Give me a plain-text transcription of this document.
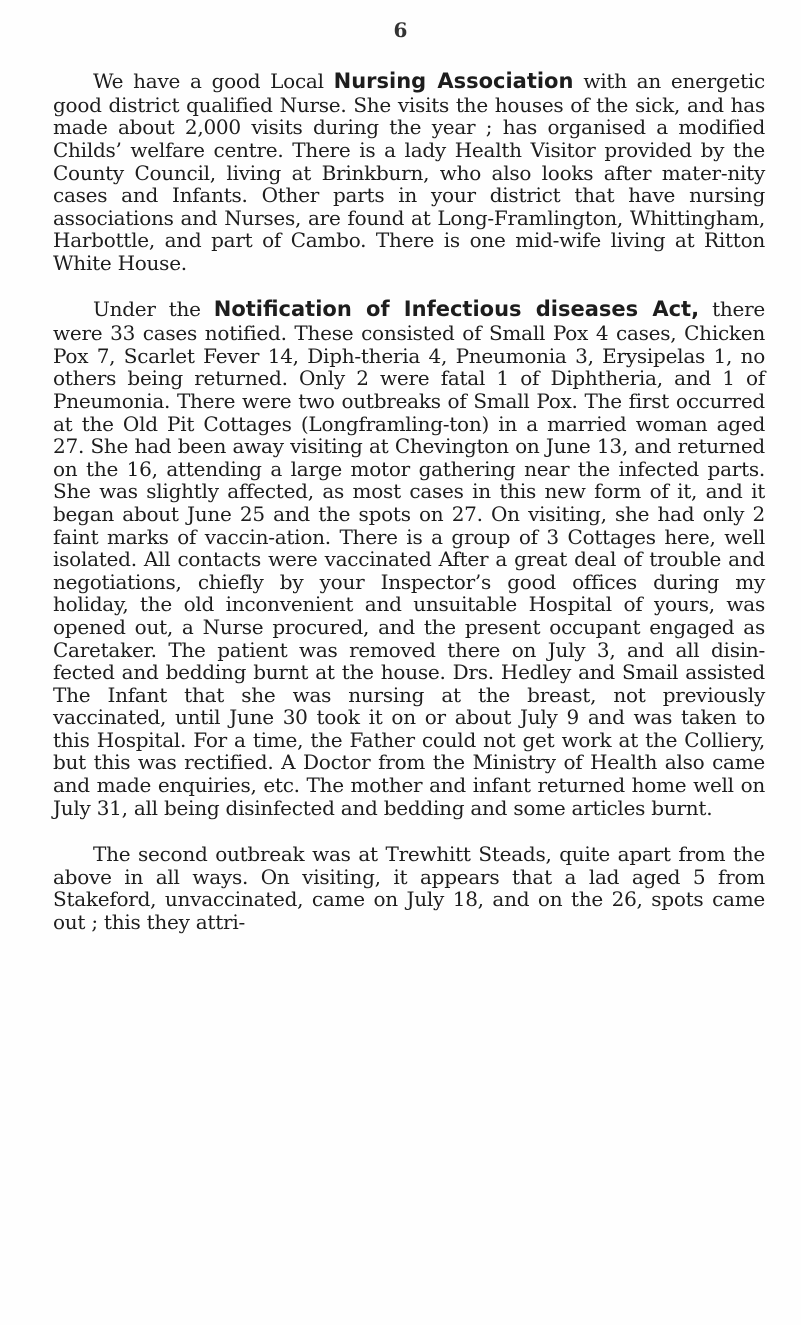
6

We have a good Local Nursing Association with an energetic good district qualified Nurse. She visits the houses of the sick, and has made about 2,000 visits during the year ; has organised a modified Childs’ welfare centre. There is a lady Health Visitor provided by the County Council, living at Brinkburn, who also looks after mater-nity cases and Infants. Other parts in your district that have nursing associations and Nurses, are found at Long-Framlington, Whittingham, Harbottle, and part of Cambo. There is one mid-wife living at Ritton White House.

Under the Notification of Infectious diseases Act, there were 33 cases notified. These consisted of Small Pox 4 cases, Chicken Pox 7, Scarlet Fever 14, Diph-theria 4, Pneumonia 3, Erysipelas 1, no others being returned. Only 2 were fatal 1 of Diphtheria, and 1 of Pneumonia. There were two outbreaks of Small Pox. The first occurred at the Old Pit Cottages (Longframling-ton) in a married woman aged 27. She had been away visiting at Chevington on June 13, and returned on the 16, attending a large motor gathering near the infected parts. She was slightly affected, as most cases in this new form of it, and it began about June 25 and the spots on 27. On visiting, she had only 2 faint marks of vaccin-ation. There is a group of 3 Cottages here, well isolated. All contacts were vaccinated After a great deal of trouble and negotiations, chiefly by your Inspector’s good offices during my holiday, the old inconvenient and unsuitable Hospital of yours, was opened out, a Nurse procured, and the present occupant engaged as Caretaker. The patient was removed there on July 3, and all disin-fected and bedding burnt at the house. Drs. Hedley and Smail assisted The Infant that she was nursing at the breast, not previously vaccinated, until June 30 took it on or about July 9 and was taken to this Hospital. For a time, the Father could not get work at the Colliery, but this was rectified. A Doctor from the Ministry of Health also came and made enquiries, etc. The mother and infant returned home well on July 31, all being disinfected and bedding and some articles burnt.

The second outbreak was at Trewhitt Steads, quite apart from the above in all ways. On visiting, it appears that a lad aged 5 from Stakeford, unvaccinated, came on July 18, and on the 26, spots came out ; this they attri-
